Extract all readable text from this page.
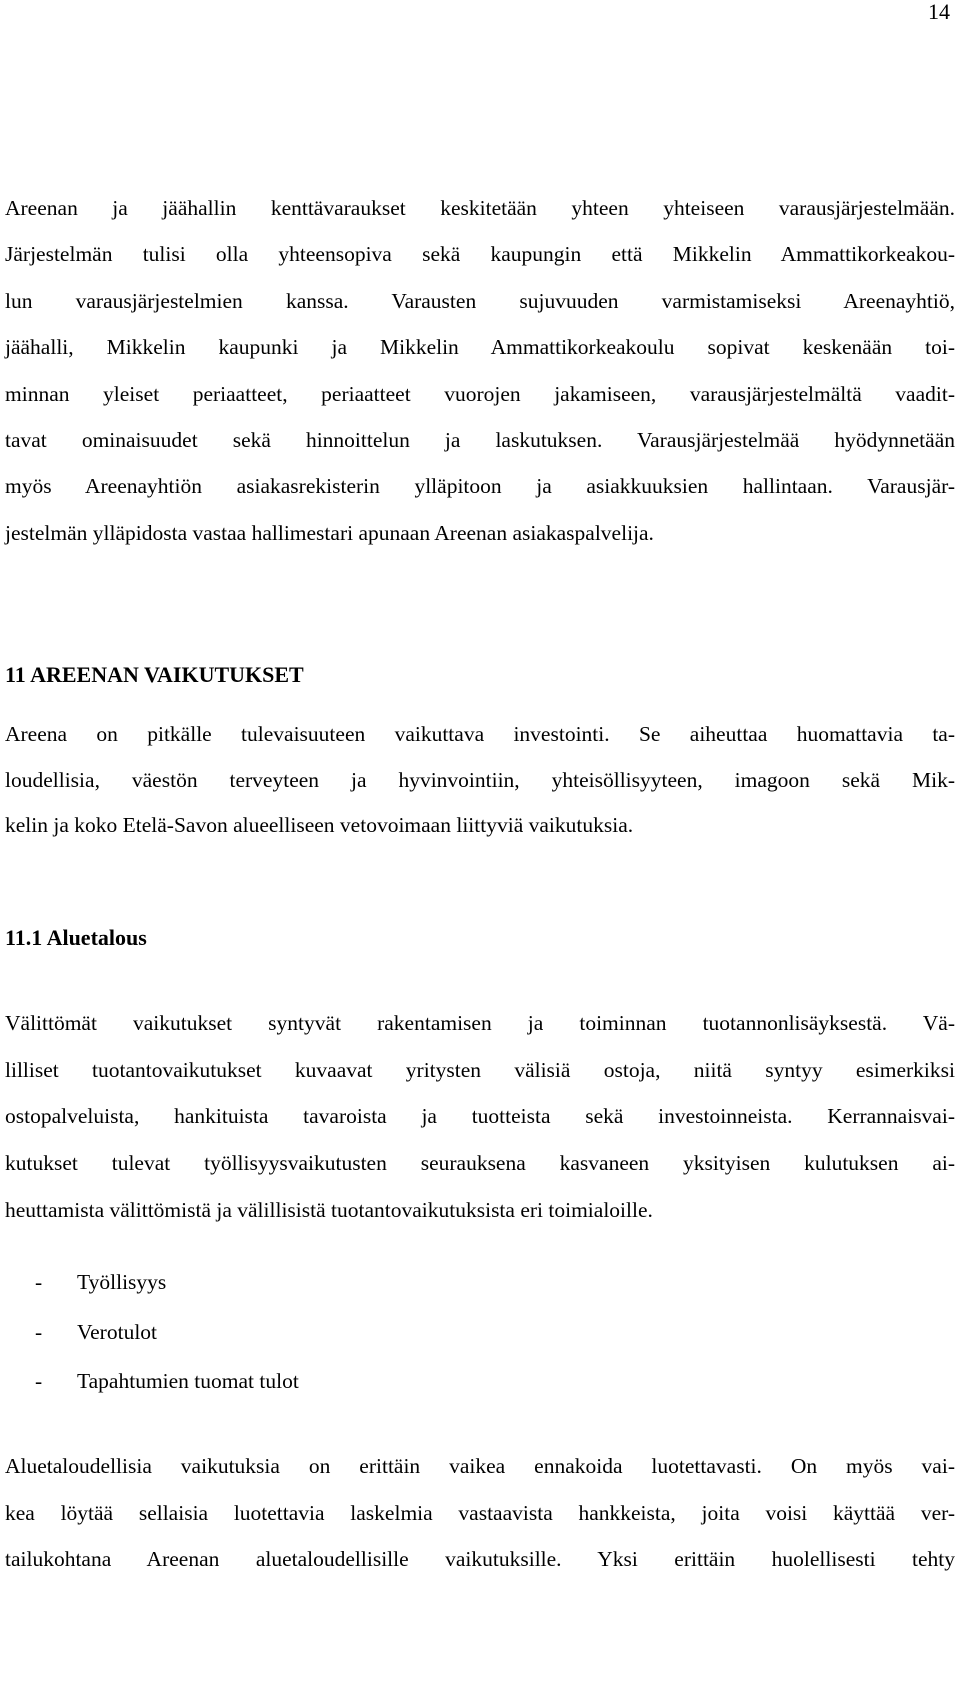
14
Areenan ja jäähallin kenttävaraukset keskitetään yhteen yhteiseen varausjärjestelmään.
Järjestelmän tulisi olla yhteensopiva sekä kaupungin että Mikkelin Ammattikorkeakou-
lun varausjärjestelmien kanssa. Varausten sujuvuuden varmistamiseksi Areenayhtiö,
jäähalli, Mikkelin kaupunki ja Mikkelin Ammattikorkeakoulu sopivat keskenään toi-
minnan yleiset periaatteet, periaatteet vuorojen jakamiseen, varausjärjestelmältä vaadit-
tavat ominaisuudet sekä hinnoittelun ja laskutuksen. Varausjärjestelmää hyödynnetään
myös Areenayhtiön asiakasrekisterin ylläpitoon ja asiakkuuksien hallintaan. Varausjär-
jestelmän ylläpidosta vastaa hallimestari apunaan Areenan asiakaspalvelija.
11 AREENAN VAIKUTUKSET
Areena on pitkälle tulevaisuuteen vaikuttava investointi. Se aiheuttaa huomattavia ta-
loudellisia, väestön terveyteen ja hyvinvointiin, yhteisöllisyyteen, imagoon sekä Mik-
kelin ja koko Etelä-Savon alueelliseen vetovoimaan liittyviä vaikutuksia.
11.1 Aluetalous
Välittömät vaikutukset syntyvät rakentamisen ja toiminnan tuotannonlisäyksestä. Vä-
lilliset tuotantovaikutukset kuvaavat yritysten välisiä ostoja, niitä syntyy esimerkiksi
ostopalveluista, hankituista tavaroista ja tuotteista sekä investoinneista. Kerrannaisvai-
kutukset tulevat työllisyysvaikutusten seurauksena kasvaneen yksityisen kulutuksen ai-
heuttamista välittömistä ja välillisistä tuotantovaikutuksista eri toimialoille.
- Työllisyys
- Verotulot
- Tapahtumien tuomat tulot
Aluetaloudellisia vaikutuksia on erittäin vaikea ennakoida luotettavasti. On myös vai-
kea löytää sellaisia luotettavia laskelmia vastaavista hankkeista, joita voisi käyttää ver-
tailukohtana Areenan aluetaloudellisille vaikutuksille. Yksi erittäin huolellisesti tehty
